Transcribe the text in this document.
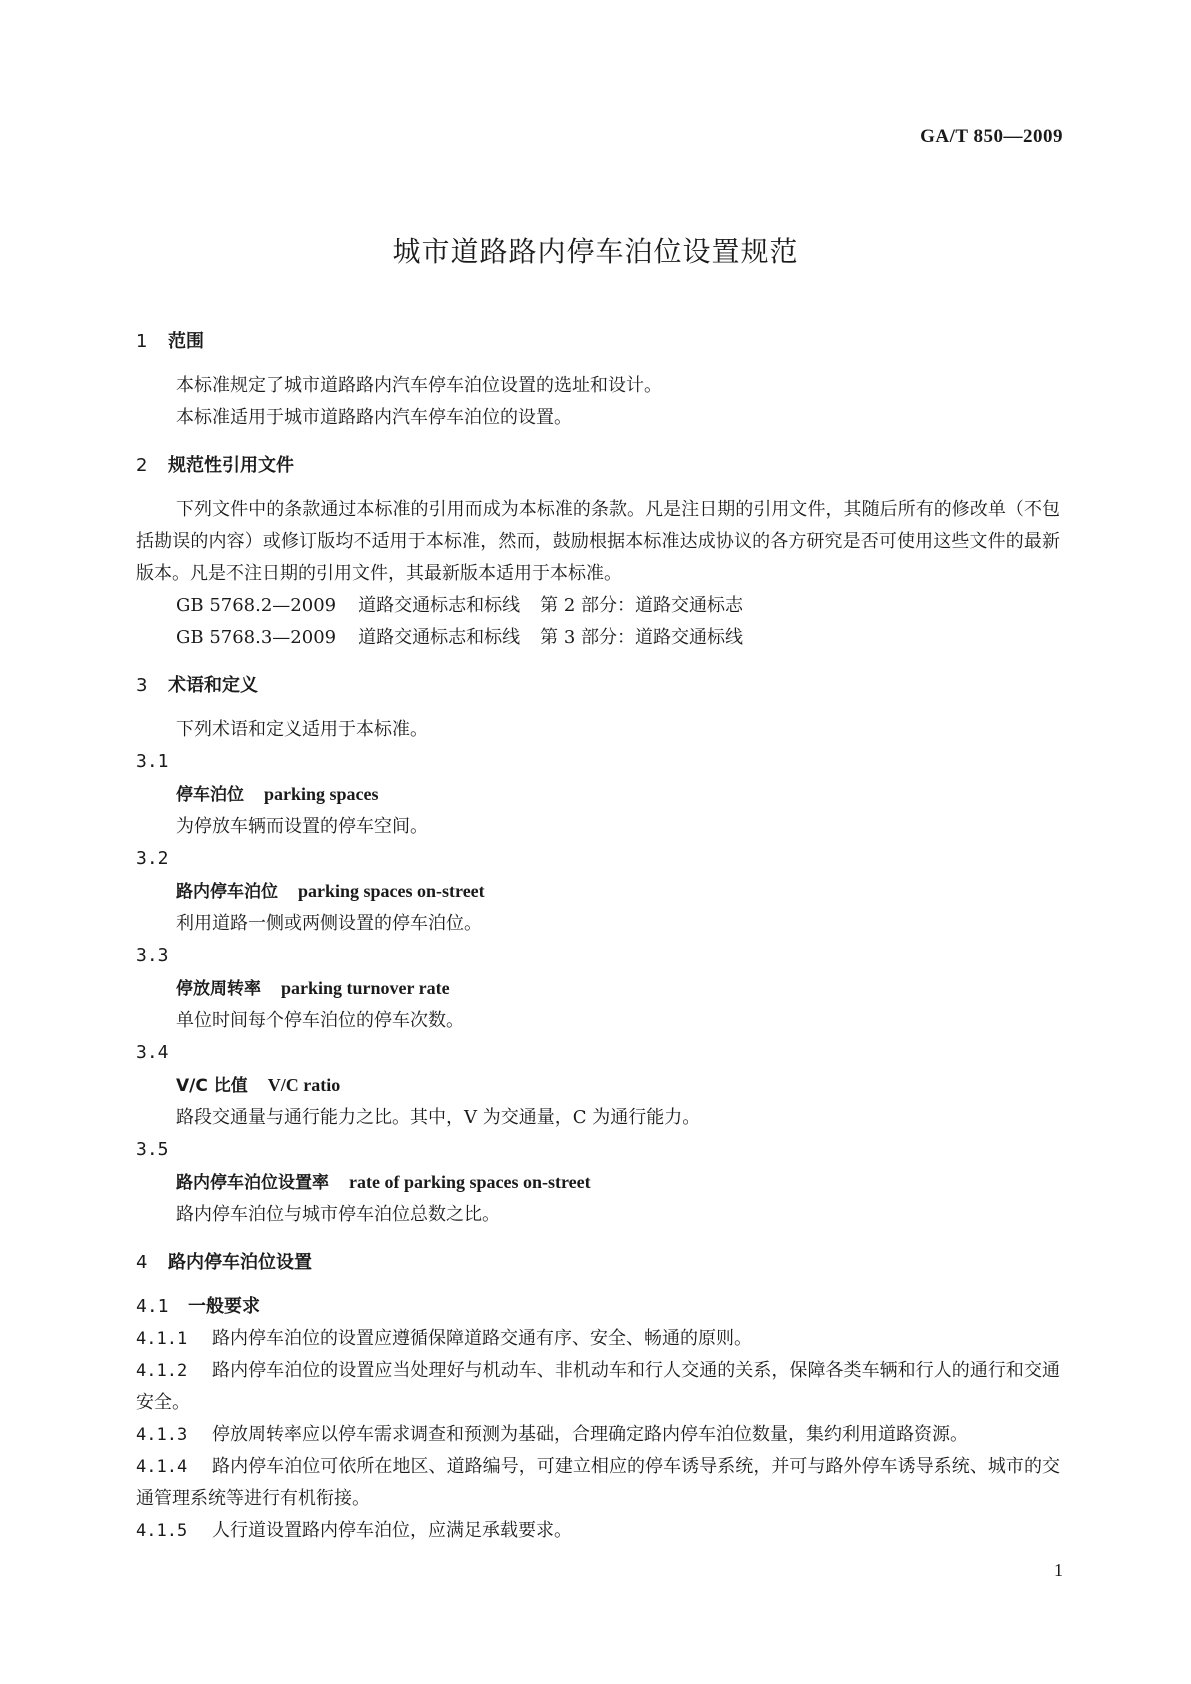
GA/T 850—2009
城市道路路内停车泊位设置规范
1 范围
本标准规定了城市道路路内汽车停车泊位设置的选址和设计。
本标准适用于城市道路路内汽车停车泊位的设置。
2 规范性引用文件
下列文件中的条款通过本标准的引用而成为本标准的条款。凡是注日期的引用文件，其随后所有的修改单（不包括勘误的内容）或修订版均不适用于本标准，然而，鼓励根据本标准达成协议的各方研究是否可使用这些文件的最新版本。凡是不注日期的引用文件，其最新版本适用于本标准。
GB 5768.2—2009 道路交通标志和标线 第 2 部分：道路交通标志
GB 5768.3—2009 道路交通标志和标线 第 3 部分：道路交通标线
3 术语和定义
下列术语和定义适用于本标准。
3.1
停车泊位 parking spaces
为停放车辆而设置的停车空间。
3.2
路内停车泊位 parking spaces on-street
利用道路一侧或两侧设置的停车泊位。
3.3
停放周转率 parking turnover rate
单位时间每个停车泊位的停车次数。
3.4
V/C 比值 V/C ratio
路段交通量与通行能力之比。其中，V 为交通量，C 为通行能力。
3.5
路内停车泊位设置率 rate of parking spaces on-street
路内停车泊位与城市停车泊位总数之比。
4 路内停车泊位设置
4.1 一般要求
4.1.1 路内停车泊位的设置应遵循保障道路交通有序、安全、畅通的原则。
4.1.2 路内停车泊位的设置应当处理好与机动车、非机动车和行人交通的关系，保障各类车辆和行人的通行和交通安全。
4.1.3 停放周转率应以停车需求调查和预测为基础，合理确定路内停车泊位数量，集约利用道路资源。
4.1.4 路内停车泊位可依所在地区、道路编号，可建立相应的停车诱导系统，并可与路外停车诱导系统、城市的交通管理系统等进行有机衔接。
4.1.5 人行道设置路内停车泊位，应满足承载要求。
1
